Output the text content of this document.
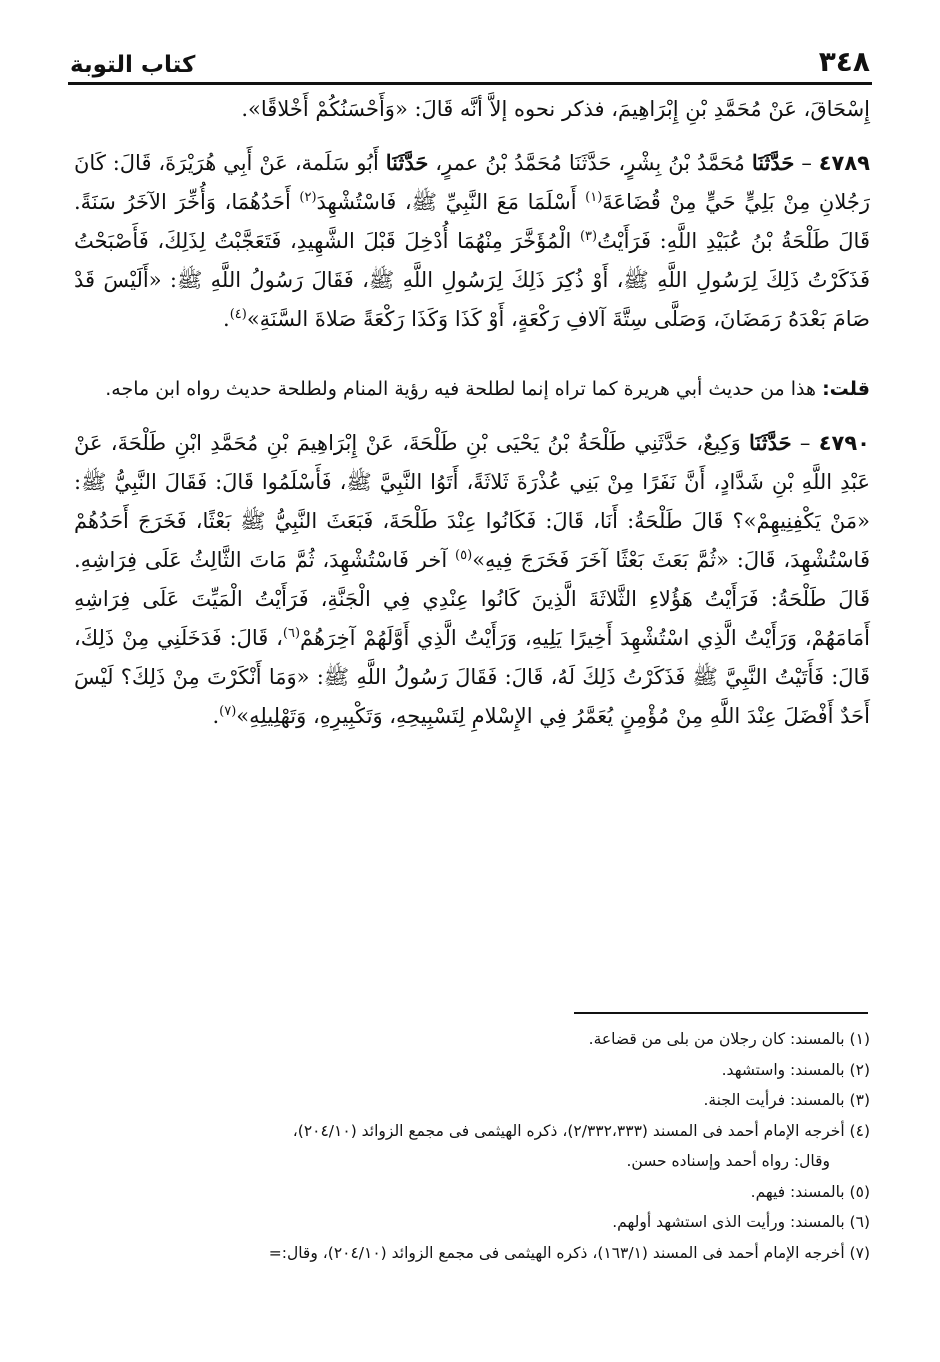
٣٤٨
كتاب التوبة

إِسْحَاقَ، عَنْ مُحَمَّدِ بْنِ إِبْرَاهِيمَ، فذكر نحوه إلاَّ أنَّه قَالَ: «وَأَحْسَنُكُمْ أَخْلاقًا».

٤٧٨٩ – حَدَّثَنَا مُحَمَّدُ بْنُ بِشْرٍ، حَدَّثَنَا مُحَمَّدُ بْنُ عمرٍ، حَدَّثَنَا أَبُو سَلَمة، عَنْ أَبِي هُرَيْرَةَ، قَالَ: كَانَ رَجُلانِ مِنْ بَلِيٍّ حَيٍّ مِنْ قُضَاعَةَ$^{(١)}$ أَسْلَمَا مَعَ النَّبِيِّ ﷺ، فَاسْتُشْهِدَ$^{(٢)}$ أَحَدُهُمَا، وَأُخِّرَ الآخَرُ سَنَةً. قَالَ طَلْحَةُ بْنُ عُبَيْدِ اللَّهِ: فَرَأَيْتُ$^{(٣)}$ الْمُؤَخَّرَ مِنْهُمَا أُدْخِلَ قَبْلَ الشَّهِيدِ، فَتَعَجَّبْتُ لِذَلِكَ، فَأَصْبَحْتُ فَذَكَرْتُ ذَلِكَ لِرَسُولِ اللَّهِ ﷺ، أَوْ ذُكِرَ ذَلِكَ لِرَسُولِ اللَّهِ ﷺ، فَقَالَ رَسُولُ اللَّهِ ﷺ: «أَلَيْسَ قَدْ صَامَ بَعْدَهُ رَمَضَانَ، وَصَلَّى سِتَّةَ آلافِ رَكْعَةٍ، أَوْ كَذَا وَكَذَا رَكْعَةً صَلاةَ السَّنَةِ»$^{(٤)}$.

قلت: هذا من حديث أبي هريرة كما تراه إنما لطلحة فيه رؤية المنام ولطلحة حديث رواه ابن ماجه.

٤٧٩٠ – حَدَّثَنَا وَكِيعٌ، حَدَّثَنِي طَلْحَةُ بْنُ يَحْيَى بْنِ طَلْحَةَ، عَنْ إِبْرَاهِيمَ بْنِ مُحَمَّدِ ابْنِ طَلْحَةَ، عَنْ عَبْدِ اللَّهِ بْنِ شَدَّادٍ، أَنَّ نَفَرًا مِنْ بَنِي عُذْرَةَ ثَلاثَةً، أَتَوُا النَّبِيَّ ﷺ، فَأَسْلَمُوا قَالَ: فَقَالَ النَّبِيُّ ﷺ: «مَنْ يَكْفِنِيهِمْ»؟ قَالَ طَلْحَةُ: أَنَا، قَالَ: فَكَانُوا عِنْدَ طَلْحَةَ، فَبَعَثَ النَّبِيُّ ﷺ بَعْثًا، فَخَرَجَ أَحَدُهُمْ فَاسْتُشْهِدَ، قَالَ: «ثُمَّ بَعَثَ بَعْثًا آخَرَ فَخَرَجَ فِيهِ»$^{(٥)}$ آخر فَاسْتُشْهِدَ، ثُمَّ مَاتَ الثَّالِثُ عَلَى فِرَاشِهِ. قَالَ طَلْحَةُ: فَرَأَيْتُ هَؤُلاءِ الثَّلاثَةَ الَّذِينَ كَانُوا عِنْدِي فِي الْجَنَّةِ، فَرَأَيْتُ الْمَيِّتَ عَلَى فِرَاشِهِ أَمَامَهُمْ، وَرَأَيْتُ الَّذِي اسْتُشْهِدَ أَخِيرًا يَلِيهِ، وَرَأَيْتُ الَّذِي أَوَّلَهُمْ آخِرَهُمْ$^{(٦)}$، قَالَ: فَدَخَلَنِي مِنْ ذَلِكَ، قَالَ: فَأَتَيْتُ النَّبِيَّ ﷺ فَذَكَرْتُ ذَلِكَ لَهُ، قَالَ: فَقَالَ رَسُولُ اللَّهِ ﷺ: «وَمَا أَنْكَرْتَ مِنْ ذَلِكَ؟ لَيْسَ أَحَدٌ أَفْضَلَ عِنْدَ اللَّهِ مِنْ مُؤْمِنٍ يُعَمَّرُ فِي الإِسْلامِ لِتَسْبِيحِهِ، وَتَكْبِيرِهِ، وَتَهْلِيلِهِ»$^{(٧)}$.

(١) بالمسند: كان رجلان من بلى من قضاعة.

(٢) بالمسند: واستشهد.

(٣) بالمسند: فرأيت الجنة.

(٤) أخرجه الإمام أحمد فى المسند (٢/٣٣٢،٣٣٣)، ذكره الهيثمى فى مجمع الزوائد (٢٠٤/١٠)،

وقال: رواه أحمد وإسناده حسن.

(٥) بالمسند: فيهم.

(٦) بالمسند: ورأيت الذى استشهد أولهم.

(٧) أخرجه الإمام أحمد فى المسند (١٦٣/١)، ذكره الهيثمى فى مجمع الزوائد (٢٠٤/١٠)، وقال:=
